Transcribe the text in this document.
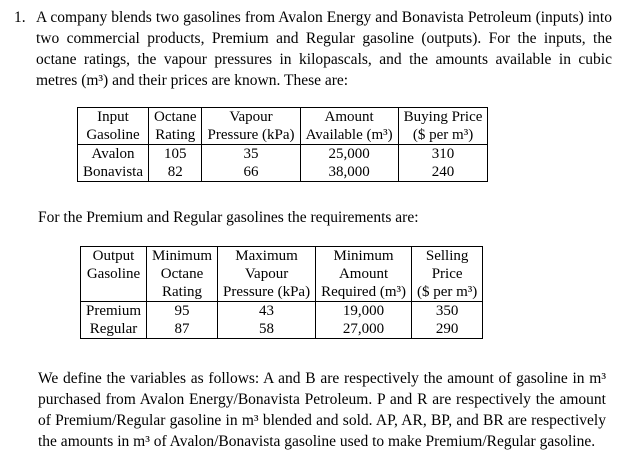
1. A company blends two gasolines from Avalon Energy and Bonavista Petroleum (inputs) into two commercial products, Premium and Regular gasoline (outputs). For the inputs, the octane ratings, the vapour pressures in kilopascals, and the amounts available in cubic metres (m³) and their prices are known. These are:
Input	Octane	Vapour	Amount	Buying Price
Gasoline	Rating	Pressure (kPa)	Available (m³)	($ per m³)
Avalon	105	35	25,000	310
Bonavista	82	66	38,000	240
For the Premium and Regular gasolines the requirements are:
Output	Minimum	Maximum	Minimum	Selling
Gasoline	Octane	Vapour	Amount	Price
	Rating	Pressure (kPa)	Required (m³)	($ per m³)
Premium	95	43	19,000	350
Regular	87	58	27,000	290
We define the variables as follows: A and B are respectively the amount of gasoline in m³ purchased from Avalon Energy/Bonavista Petroleum. P and R are respectively the amount of Premium/Regular gasoline in m³ blended and sold. AP, AR, BP, and BR are respectively the amounts in m³ of Avalon/Bonavista gasoline used to make Premium/Regular gasoline.
